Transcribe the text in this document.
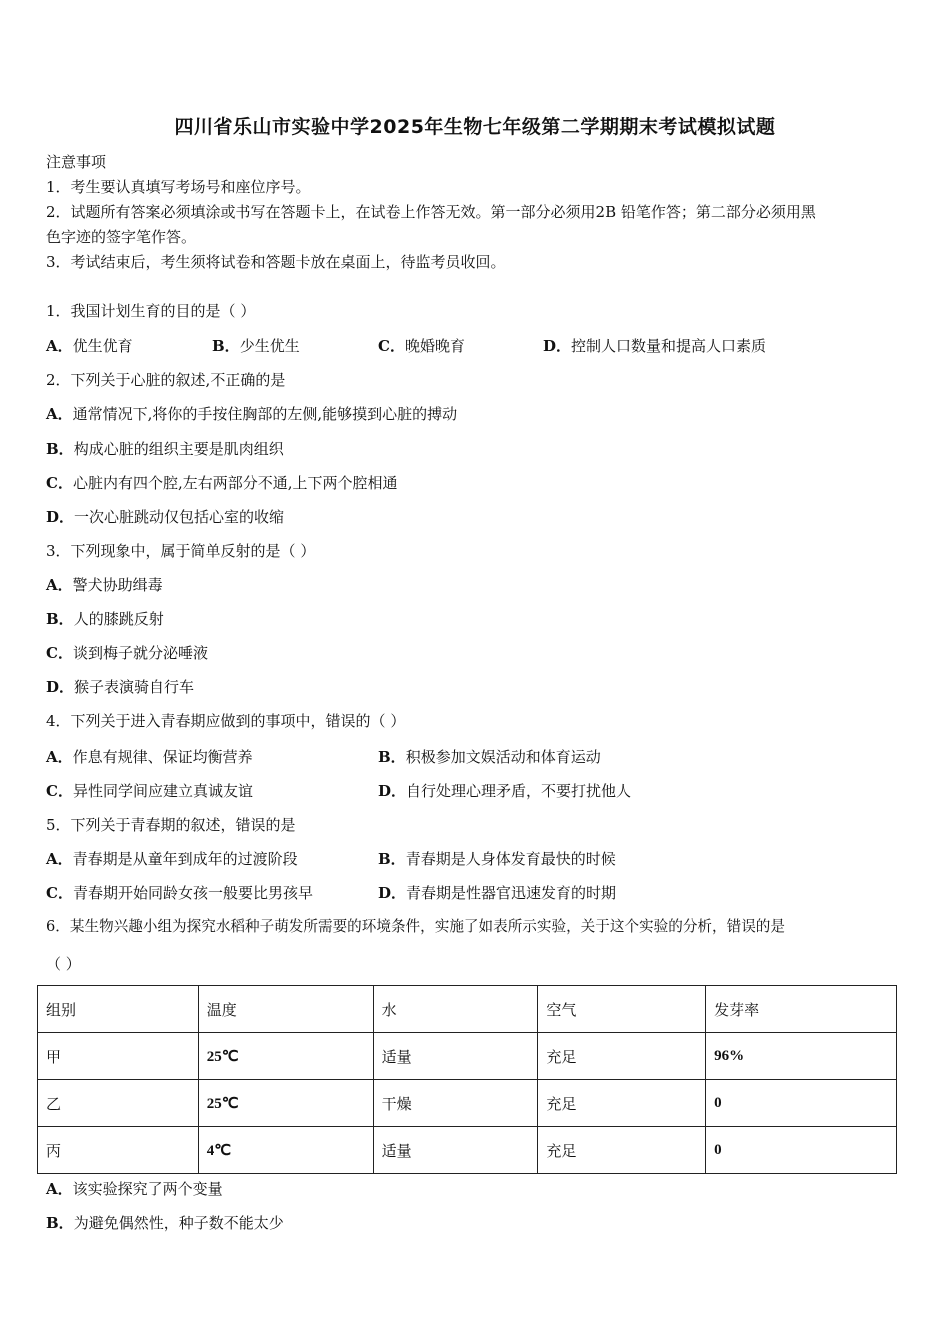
四川省乐山市实验中学2025年生物七年级第二学期期末考试模拟试题
注意事项
1．考生要认真填写考场号和座位序号。
2．试题所有答案必须填涂或书写在答题卡上，在试卷上作答无效。第一部分必须用2B 铅笔作答；第二部分必须用黑
色字迹的签字笔作答。
3．考试结束后，考生须将试卷和答题卡放在桌面上，待监考员收回。
1．我国计划生育的目的是（ ）
A．优生优育	B．少生优生	C．晚婚晚育	D．控制人口数量和提高人口素质
2．下列关于心脏的叙述,不正确的是
A．通常情况下,将你的手按住胸部的左侧,能够摸到心脏的搏动
B．构成心脏的组织主要是肌肉组织
C．心脏内有四个腔,左右两部分不通,上下两个腔相通
D．一次心脏跳动仅包括心室的收缩
3．下列现象中，属于简单反射的是（ ）
A．警犬协助缉毒
B．人的膝跳反射
C．谈到梅子就分泌唾液
D．猴子表演骑自行车
4．下列关于进入青春期应做到的事项中，错误的（ ）
A．作息有规律、保证均衡营养	B．积极参加文娱活动和体育运动
C．异性同学间应建立真诚友谊	D．自行处理心理矛盾，不要打扰他人
5．下列关于青春期的叙述，错误的是
A．青春期是从童年到成年的过渡阶段	B．青春期是人身体发育最快的时候
C．青春期开始同龄女孩一般要比男孩早	D．青春期是性器官迅速发育的时期
6．某生物兴趣小组为探究水稻种子萌发所需要的环境条件，实施了如表所示实验，关于这个实验的分析，错误的是
（ ）
组别	温度	水	空气	发芽率
甲	25℃	适量	充足	96%
乙	25℃	干燥	充足	0
丙	4℃	适量	充足	0
A．该实验探究了两个变量
B．为避免偶然性，种子数不能太少
